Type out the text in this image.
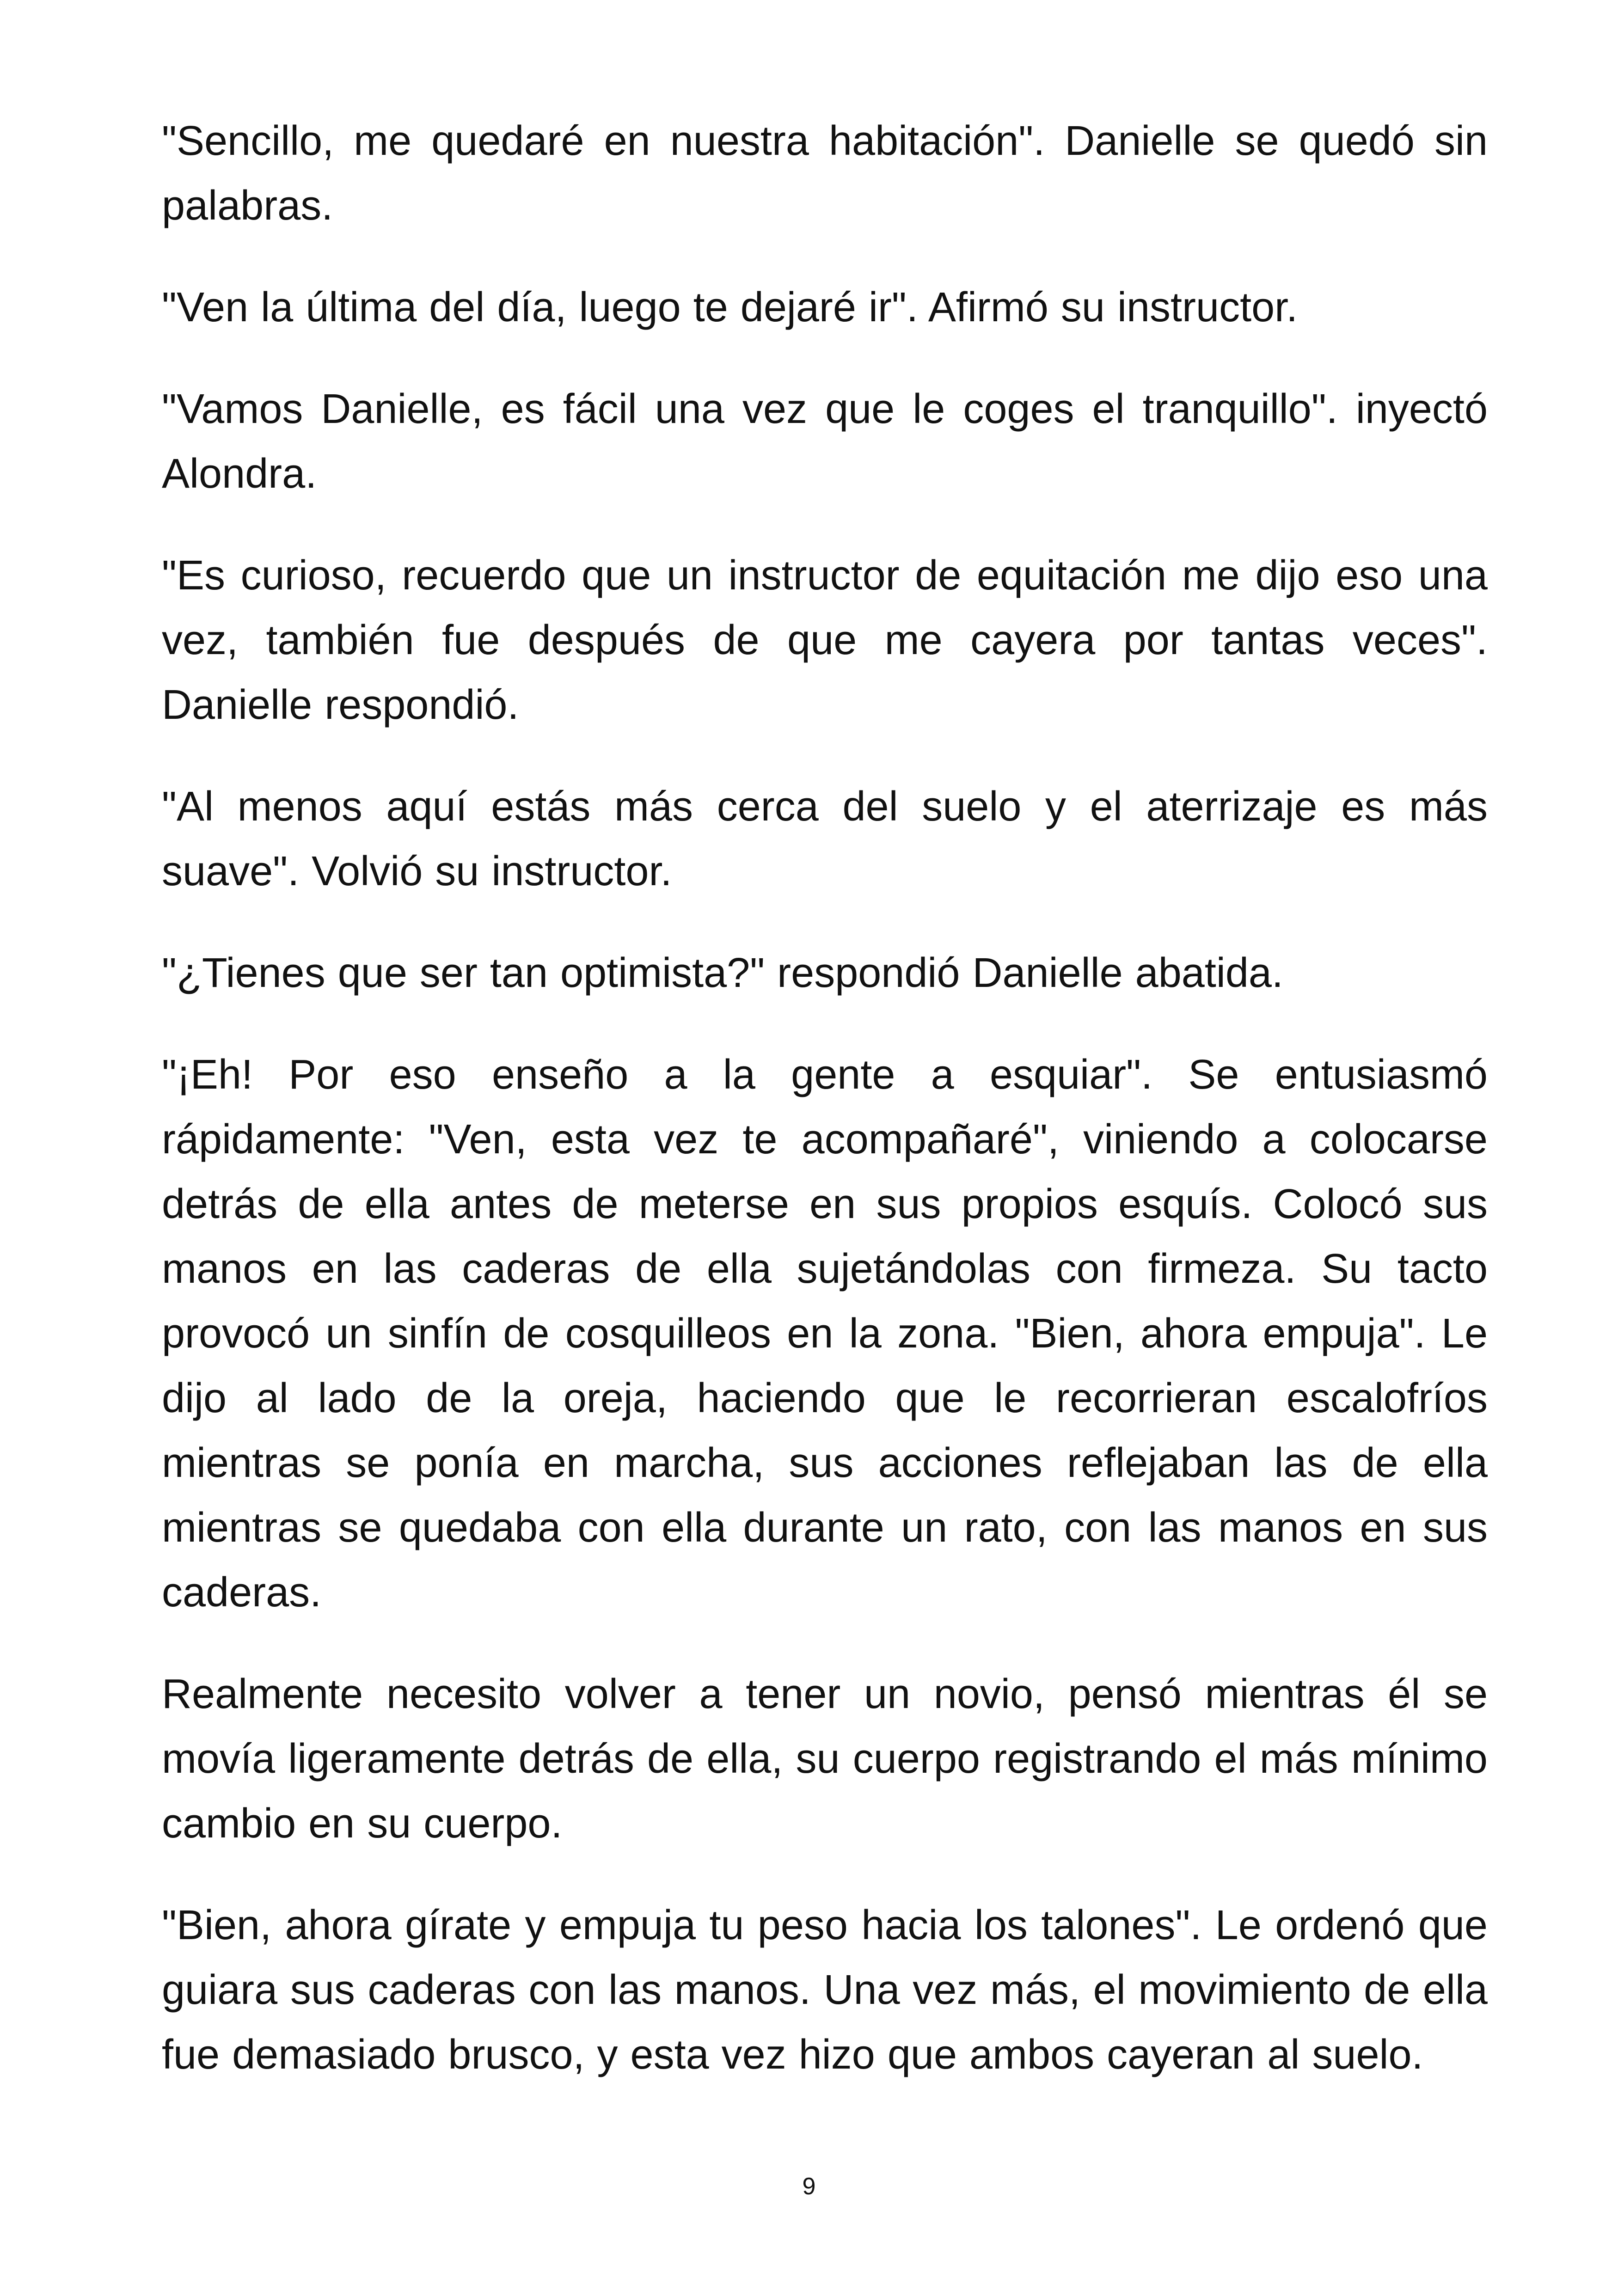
"Sencillo, me quedaré en nuestra habitación". Danielle se quedó sin palabras.

"Ven la última del día, luego te dejaré ir". Afirmó su instructor.

"Vamos Danielle, es fácil una vez que le coges el tranquillo". inyectó Alondra.

"Es curioso, recuerdo que un instructor de equitación me dijo eso una vez, también fue después de que me cayera por tantas veces". Danielle respondió.

"Al menos aquí estás más cerca del suelo y el aterrizaje es más suave". Volvió su instructor.

"¿Tienes que ser tan optimista?" respondió Danielle abatida.

"¡Eh! Por eso enseño a la gente a esquiar". Se entusiasmó rápidamente: "Ven, esta vez te acompañaré", viniendo a colocarse detrás de ella antes de meterse en sus propios esquís. Colocó sus manos en las caderas de ella sujetándolas con firmeza. Su tacto provocó un sinfín de cosquilleos en la zona. "Bien, ahora empuja". Le dijo al lado de la oreja, haciendo que le recorrieran escalofríos mientras se ponía en marcha, sus acciones reflejaban las de ella mientras se quedaba con ella durante un rato, con las manos en sus caderas.

Realmente necesito volver a tener un novio, pensó mientras él se movía ligeramente detrás de ella, su cuerpo registrando el más mínimo cambio en su cuerpo.

"Bien, ahora gírate y empuja tu peso hacia los talones". Le ordenó que guiara sus caderas con las manos. Una vez más, el movimiento de ella fue demasiado brusco, y esta vez hizo que ambos cayeran al suelo.

9
